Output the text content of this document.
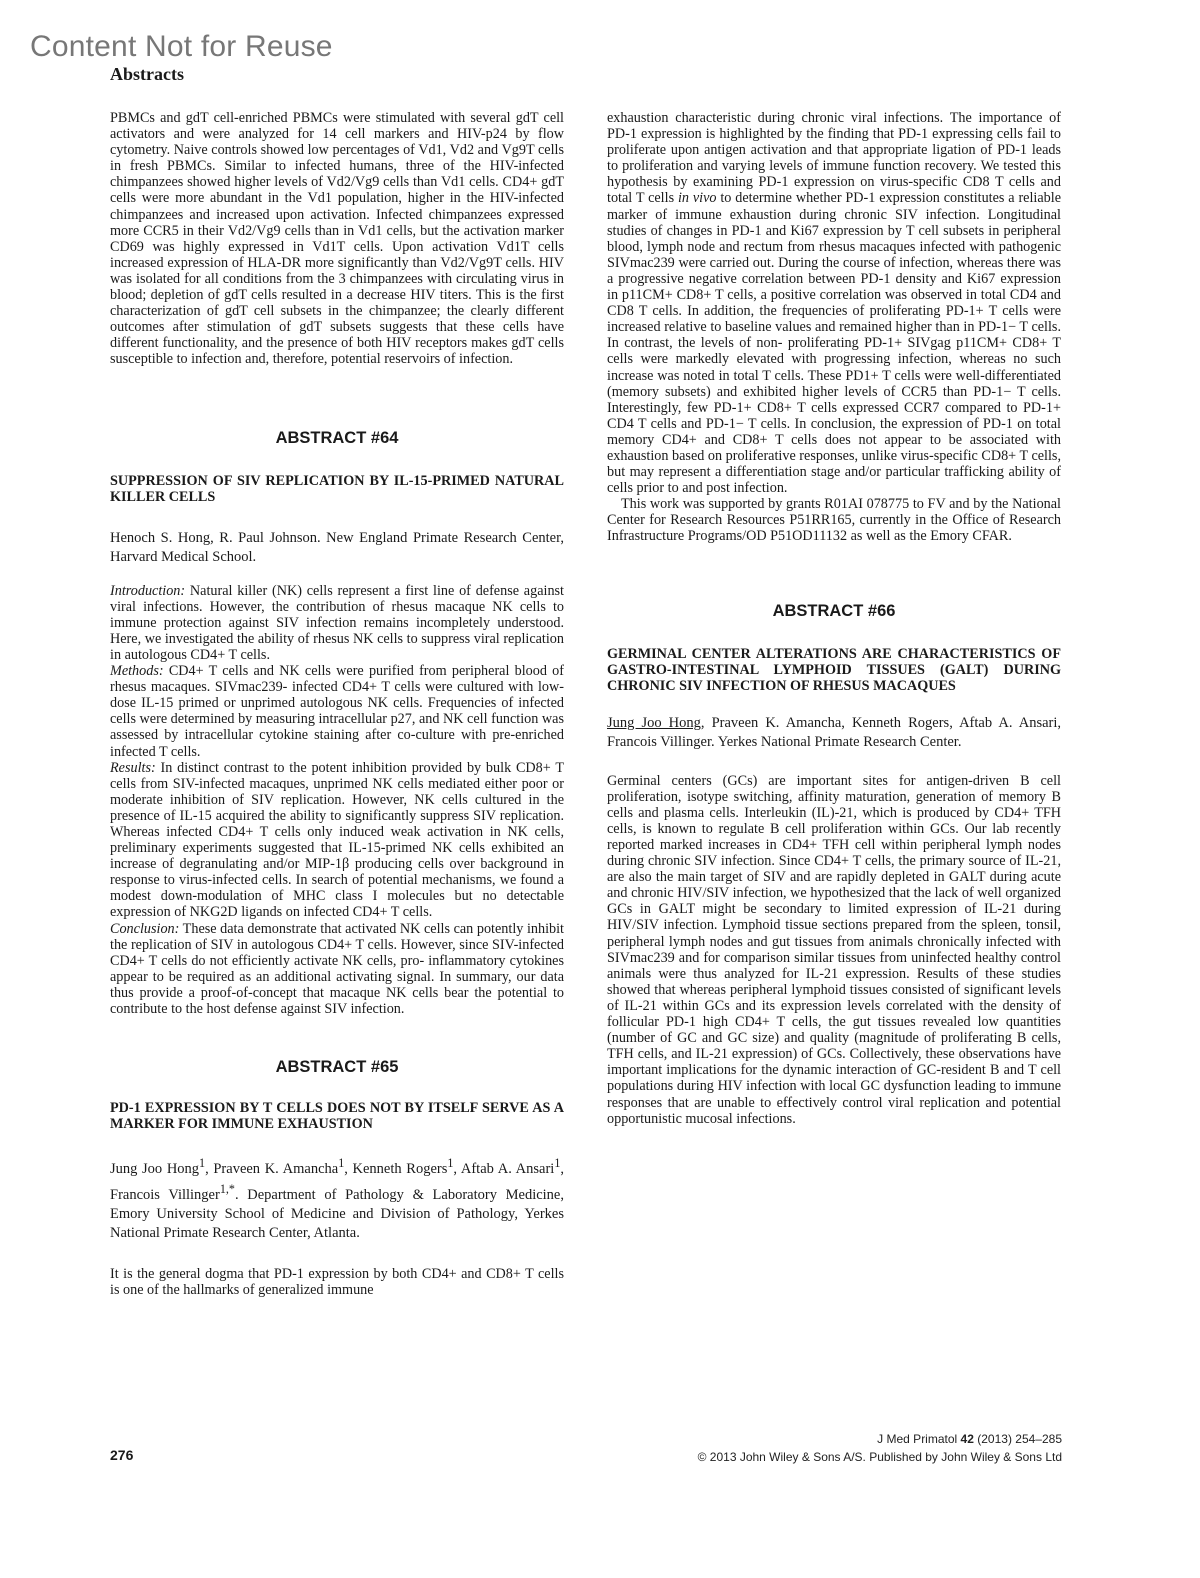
Content Not for Reuse
Abstracts

PBMCs and gdT cell-enriched PBMCs were stimulated with several gdT cell activators and were analyzed for 14 cell markers and HIV-p24 by flow cytometry. Naive controls showed low percentages of Vd1, Vd2 and Vg9T cells in fresh PBMCs. Similar to infected humans, three of the HIV-infected chimpanzees showed higher levels of Vd2/Vg9 cells than Vd1 cells. CD4+ gdT cells were more abundant in the Vd1 population, higher in the HIV-infected chimpanzees and increased upon activation. Infected chimpanzees expressed more CCR5 in their Vd2/Vg9 cells than in Vd1 cells, but the activation marker CD69 was highly expressed in Vd1T cells. Upon activation Vd1T cells increased expression of HLA-DR more significantly than Vd2/Vg9T cells. HIV was isolated for all conditions from the 3 chimpanzees with circulating virus in blood; depletion of gdT cells resulted in a decrease HIV titers. This is the first characterization of gdT cell subsets in the chimpanzee; the clearly different outcomes after stimulation of gdT subsets suggests that these cells have different functionality, and the presence of both HIV receptors makes gdT cells susceptible to infection and, therefore, potential reservoirs of infection.

ABSTRACT #64

SUPPRESSION OF SIV REPLICATION BY IL-15-PRIMED NATURAL KILLER CELLS

Henoch S. Hong, R. Paul Johnson. New England Primate Research Center, Harvard Medical School.

Introduction: Natural killer (NK) cells represent a first line of defense against viral infections. However, the contribution of rhesus macaque NK cells to immune protection against SIV infection remains incompletely understood. Here, we investigated the ability of rhesus NK cells to suppress viral replication in autologous CD4+ T cells.

Methods: CD4+ T cells and NK cells were purified from peripheral blood of rhesus macaques. SIVmac239- infected CD4+ T cells were cultured with low-dose IL-15 primed or unprimed autologous NK cells. Frequencies of infected cells were determined by measuring intracellular p27, and NK cell function was assessed by intracellular cytokine staining after co-culture with pre-enriched infected T cells.

Results: In distinct contrast to the potent inhibition provided by bulk CD8+ T cells from SIV-infected macaques, unprimed NK cells mediated either poor or moderate inhibition of SIV replication. However, NK cells cultured in the presence of IL-15 acquired the ability to significantly suppress SIV replication. Whereas infected CD4+ T cells only induced weak activation in NK cells, preliminary experiments suggested that IL-15-primed NK cells exhibited an increase of degranulating and/or MIP-1β producing cells over background in response to virus-infected cells. In search of potential mechanisms, we found a modest down-modulation of MHC class I molecules but no detectable expression of NKG2D ligands on infected CD4+ T cells.

Conclusion: These data demonstrate that activated NK cells can potently inhibit the replication of SIV in autologous CD4+ T cells. However, since SIV-infected CD4+ T cells do not efficiently activate NK cells, pro- inflammatory cytokines appear to be required as an additional activating signal. In summary, our data thus provide a proof-of-concept that macaque NK cells bear the potential to contribute to the host defense against SIV infection.

ABSTRACT #65

PD-1 EXPRESSION BY T CELLS DOES NOT BY ITSELF SERVE AS A MARKER FOR IMMUNE EXHAUSTION

Jung Joo Hong$^1$, Praveen K. Amancha$^1$, Kenneth Rogers$^1$, Aftab A. Ansari$^1$, Francois Villinger$^{1,*}$. Department of Pathology & Laboratory Medicine, Emory University School of Medicine and Division of Pathology, Yerkes National Primate Research Center, Atlanta.

It is the general dogma that PD-1 expression by both CD4+ and CD8+ T cells is one of the hallmarks of generalized immune

exhaustion characteristic during chronic viral infections. The importance of PD-1 expression is highlighted by the finding that PD-1 expressing cells fail to proliferate upon antigen activation and that appropriate ligation of PD-1 leads to proliferation and varying levels of immune function recovery. We tested this hypothesis by examining PD-1 expression on virus-specific CD8 T cells and total T cells in vivo to determine whether PD-1 expression constitutes a reliable marker of immune exhaustion during chronic SIV infection. Longitudinal studies of changes in PD-1 and Ki67 expression by T cell subsets in peripheral blood, lymph node and rectum from rhesus macaques infected with pathogenic SIVmac239 were carried out. During the course of infection, whereas there was a progressive negative correlation between PD-1 density and Ki67 expression in p11CM+ CD8+ T cells, a positive correlation was observed in total CD4 and CD8 T cells. In addition, the frequencies of proliferating PD-1+ T cells were increased relative to baseline values and remained higher than in PD-1− T cells. In contrast, the levels of non- proliferating PD-1+ SIVgag p11CM+ CD8+ T cells were markedly elevated with progressing infection, whereas no such increase was noted in total T cells. These PD1+ T cells were well-differentiated (memory subsets) and exhibited higher levels of CCR5 than PD-1− T cells. Interestingly, few PD-1+ CD8+ T cells expressed CCR7 compared to PD-1+ CD4 T cells and PD-1− T cells. In conclusion, the expression of PD-1 on total memory CD4+ and CD8+ T cells does not appear to be associated with exhaustion based on proliferative responses, unlike virus-specific CD8+ T cells, but may represent a differentiation stage and/or particular trafficking ability of cells prior to and post infection.

This work was supported by grants R01AI 078775 to FV and by the National Center for Research Resources P51RR165, currently in the Office of Research Infrastructure Programs/OD P51OD11132 as well as the Emory CFAR.

ABSTRACT #66

GERMINAL CENTER ALTERATIONS ARE CHARACTERISTICS OF GASTRO-INTESTINAL LYMPHOID TISSUES (GALT) DURING CHRONIC SIV INFECTION OF RHESUS MACAQUES

Jung Joo Hong, Praveen K. Amancha, Kenneth Rogers, Aftab A. Ansari, Francois Villinger. Yerkes National Primate Research Center.

Germinal centers (GCs) are important sites for antigen-driven B cell proliferation, isotype switching, affinity maturation, generation of memory B cells and plasma cells. Interleukin (IL)-21, which is produced by CD4+ TFH cells, is known to regulate B cell proliferation within GCs. Our lab recently reported marked increases in CD4+ TFH cell within peripheral lymph nodes during chronic SIV infection. Since CD4+ T cells, the primary source of IL-21, are also the main target of SIV and are rapidly depleted in GALT during acute and chronic HIV/SIV infection, we hypothesized that the lack of well organized GCs in GALT might be secondary to limited expression of IL-21 during HIV/SIV infection. Lymphoid tissue sections prepared from the spleen, tonsil, peripheral lymph nodes and gut tissues from animals chronically infected with SIVmac239 and for comparison similar tissues from uninfected healthy control animals were thus analyzed for IL-21 expression. Results of these studies showed that whereas peripheral lymphoid tissues consisted of significant levels of IL-21 within GCs and its expression levels correlated with the density of follicular PD-1 high CD4+ T cells, the gut tissues revealed low quantities (number of GC and GC size) and quality (magnitude of proliferating B cells, TFH cells, and IL-21 expression) of GCs. Collectively, these observations have important implications for the dynamic interaction of GC-resident B and T cell populations during HIV infection with local GC dysfunction leading to immune responses that are unable to effectively control viral replication and potential opportunistic mucosal infections.

276
J Med Primatol 42 (2013) 254–285
© 2013 John Wiley & Sons A/S. Published by John Wiley & Sons Ltd
